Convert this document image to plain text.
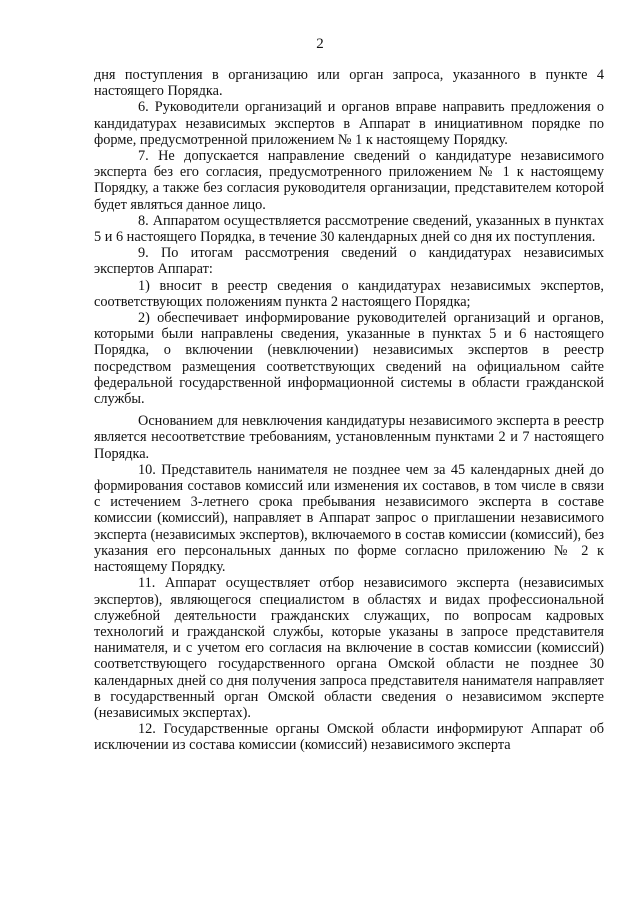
2

дня поступления в организацию или орган запроса, указанного в пункте 4 настоящего Порядка.

6. Руководители организаций и органов вправе направить предложения о кандидатурах независимых экспертов в Аппарат в инициативном порядке по форме, предусмотренной приложением № 1 к настоящему Порядку.

7. Не допускается направление сведений о кандидатуре независимого эксперта без его согласия, предусмотренного приложением № 1 к настоящему Порядку, а также без согласия руководителя организации, представителем которой будет являться данное лицо.

8. Аппаратом осуществляется рассмотрение сведений, указанных в пунктах 5 и 6 настоящего Порядка, в течение 30 календарных дней со дня их поступления.

9. По итогам рассмотрения сведений о кандидатурах независимых экспертов Аппарат:

1) вносит в реестр сведения о кандидатурах независимых экспертов, соответствующих положениям пункта 2 настоящего Порядка;

2) обеспечивает информирование руководителей организаций и органов, которыми были направлены сведения, указанные в пунктах 5 и 6 настоящего Порядка, о включении (невключении) независимых экспертов в реестр посредством размещения соответствующих сведений на официальном сайте федеральной государственной информационной системы в области гражданской службы.

Основанием для невключения кандидатуры независимого эксперта в реестр является несоответствие требованиям, установленным пунктами 2 и 7 настоящего Порядка.

10. Представитель нанимателя не позднее чем за 45 календарных дней до формирования составов комиссий или изменения их составов, в том числе в связи с истечением 3-летнего срока пребывания независимого эксперта в составе комиссии (комиссий), направляет в Аппарат запрос о приглашении независимого эксперта (независимых экспертов), включаемого в состав комиссии (комиссий), без указания его персональных данных по форме согласно приложению № 2 к настоящему Порядку.

11. Аппарат осуществляет отбор независимого эксперта (независимых экспертов), являющегося специалистом в областях и видах профессиональной служебной деятельности гражданских служащих, по вопросам кадровых технологий и гражданской службы, которые указаны в запросе представителя нанимателя, и с учетом его согласия на включение в состав комиссии (комиссий) соответствующего государственного органа Омской области не позднее 30 календарных дней со дня получения запроса представителя нанимателя направляет в государственный орган Омской области сведения о независимом эксперте (независимых экспертах).

12. Государственные органы Омской области информируют Аппарат об исключении из состава комиссии (комиссий) независимого эксперта
